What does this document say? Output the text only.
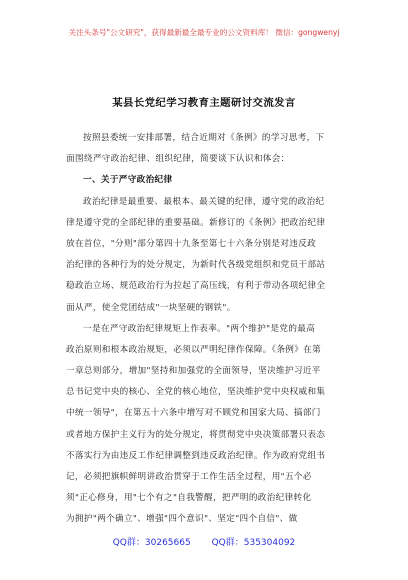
关注头条号"公文研究"，获得最新最全最专业的公文资料库！ 微信：gongwenyj
某县长党纪学习教育主题研讨交流发言
按照县委统一安排部署，结合近期对《条例》的学习思考，下
面围绕严守政治纪律、组织纪律，简要谈下认识和体会：
一、关于严守政治纪律
政治纪律是最重要、最根本、最关键的纪律，遵守党的政治纪
律是遵守党的全部纪律的重要基础。新修订的《条例》把政治纪律
放在首位，"分则"部分第四十九条至第七十六条分别是对违反政
治纪律的各种行为的处分规定，为新时代各级党组织和党员干部站
稳政治立场、规范政治行为拉起了高压线，有利于带动各项纪律全
面从严，使全党团结成"一块坚硬的钢铁"。
一是在严守政治纪律规矩上作表率。"两个维护"是党的最高
政治原则和根本政治规矩，必须以严明纪律作保障。《条例》在第
一章总则部分，增加"坚持和加强党的全面领导，坚决维护习近平
总书记党中央的核心、全党的核心地位，坚决维护党中央权威和集
中统一领导"，在第五十六条中增写对不顾党和国家大局、搞部门
或者地方保护主义行为的处分规定，将贯彻党中央决策部署只表态
不落实行为由违反工作纪律调整到违反政治纪律。作为政府党组书
记，必须把旗帜鲜明讲政治贯穿于工作生活全过程，用"五个必
须"正心修身，用"七个有之"自我警醒，把严明的政治纪律转化
为拥护"两个确立"、增强"四个意识"、坚定"四个自信"、做
QQ群：30265665 QQ群：535304092
